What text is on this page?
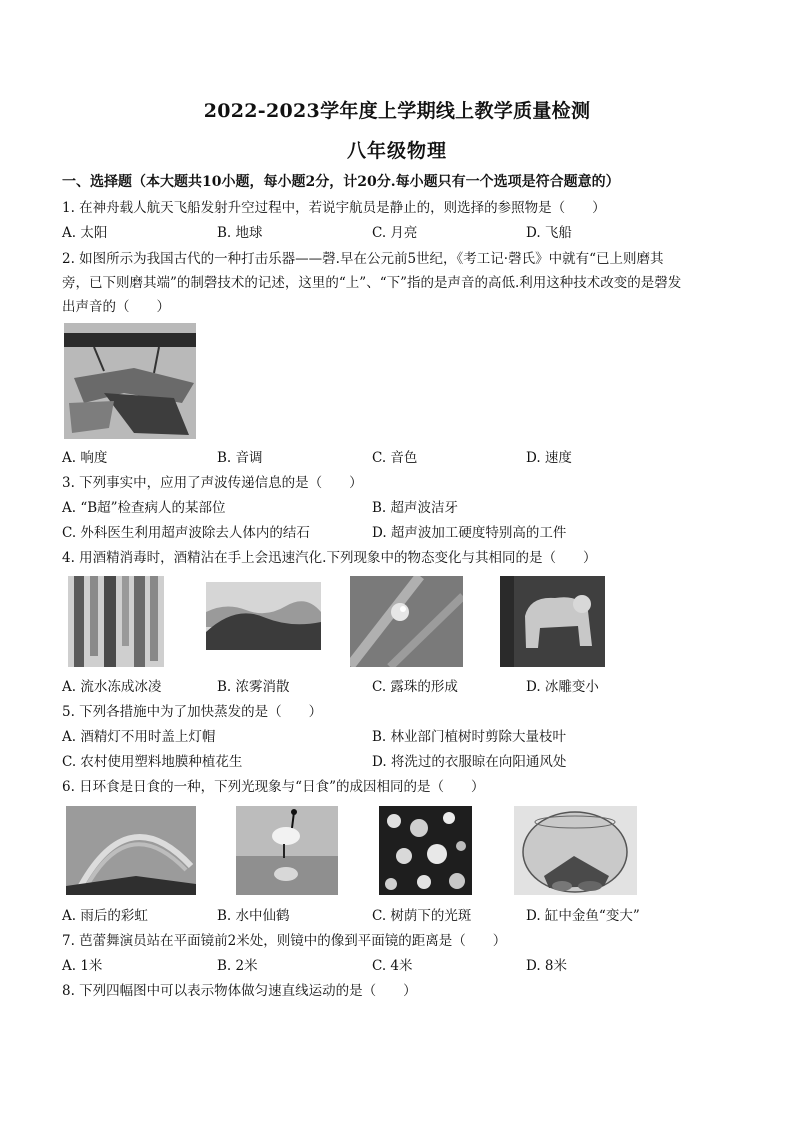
2022-2023学年度上学期线上教学质量检测
八年级物理
一、选择题（本大题共10小题，每小题2分，计20分.每小题只有一个选项是符合题意的）
1. 在神舟载人航天飞船发射升空过程中，若说宇航员是静止的，则选择的参照物是（　　）
A. 太阳	B. 地球	C. 月亮	D. 飞船
2. 如图所示为我国古代的一种打击乐器——磬.早在公元前5世纪，《考工记·磬氏》中就有“已上则磨其
旁，已下则磨其端”的制磬技术的记述，这里的“上”、“下”指的是声音的高低.利用这种技术改变的是磬发
出声音的（　　）
A. 响度	B. 音调	C. 音色	D. 速度
3. 下列事实中，应用了声波传递信息的是（　　）
A. “B超”检查病人的某部位	B. 超声波洁牙
C. 外科医生利用超声波除去人体内的结石	D. 超声波加工硬度特别高的工件
4. 用酒精消毒时，酒精沾在手上会迅速汽化.下列现象中的物态变化与其相同的是（　　）
A. 流水冻成冰凌	B. 浓雾消散	C. 露珠的形成	D. 冰雕变小
5. 下列各措施中为了加快蒸发的是（　　）
A. 酒精灯不用时盖上灯帽	B. 林业部门植树时剪除大量枝叶
C. 农村使用塑料地膜种植花生	D. 将洗过的衣服晾在向阳通风处
6. 日环食是日食的一种，下列光现象与“日食”的成因相同的是（　　）
A. 雨后的彩虹	B. 水中仙鹤	C. 树荫下的光斑	D. 缸中金鱼“变大”
7. 芭蕾舞演员站在平面镜前2米处，则镜中的像到平面镜的距离是（　　）
A. 1米	B. 2米	C. 4米	D. 8米
8. 下列四幅图中可以表示物体做匀速直线运动的是（　　）
